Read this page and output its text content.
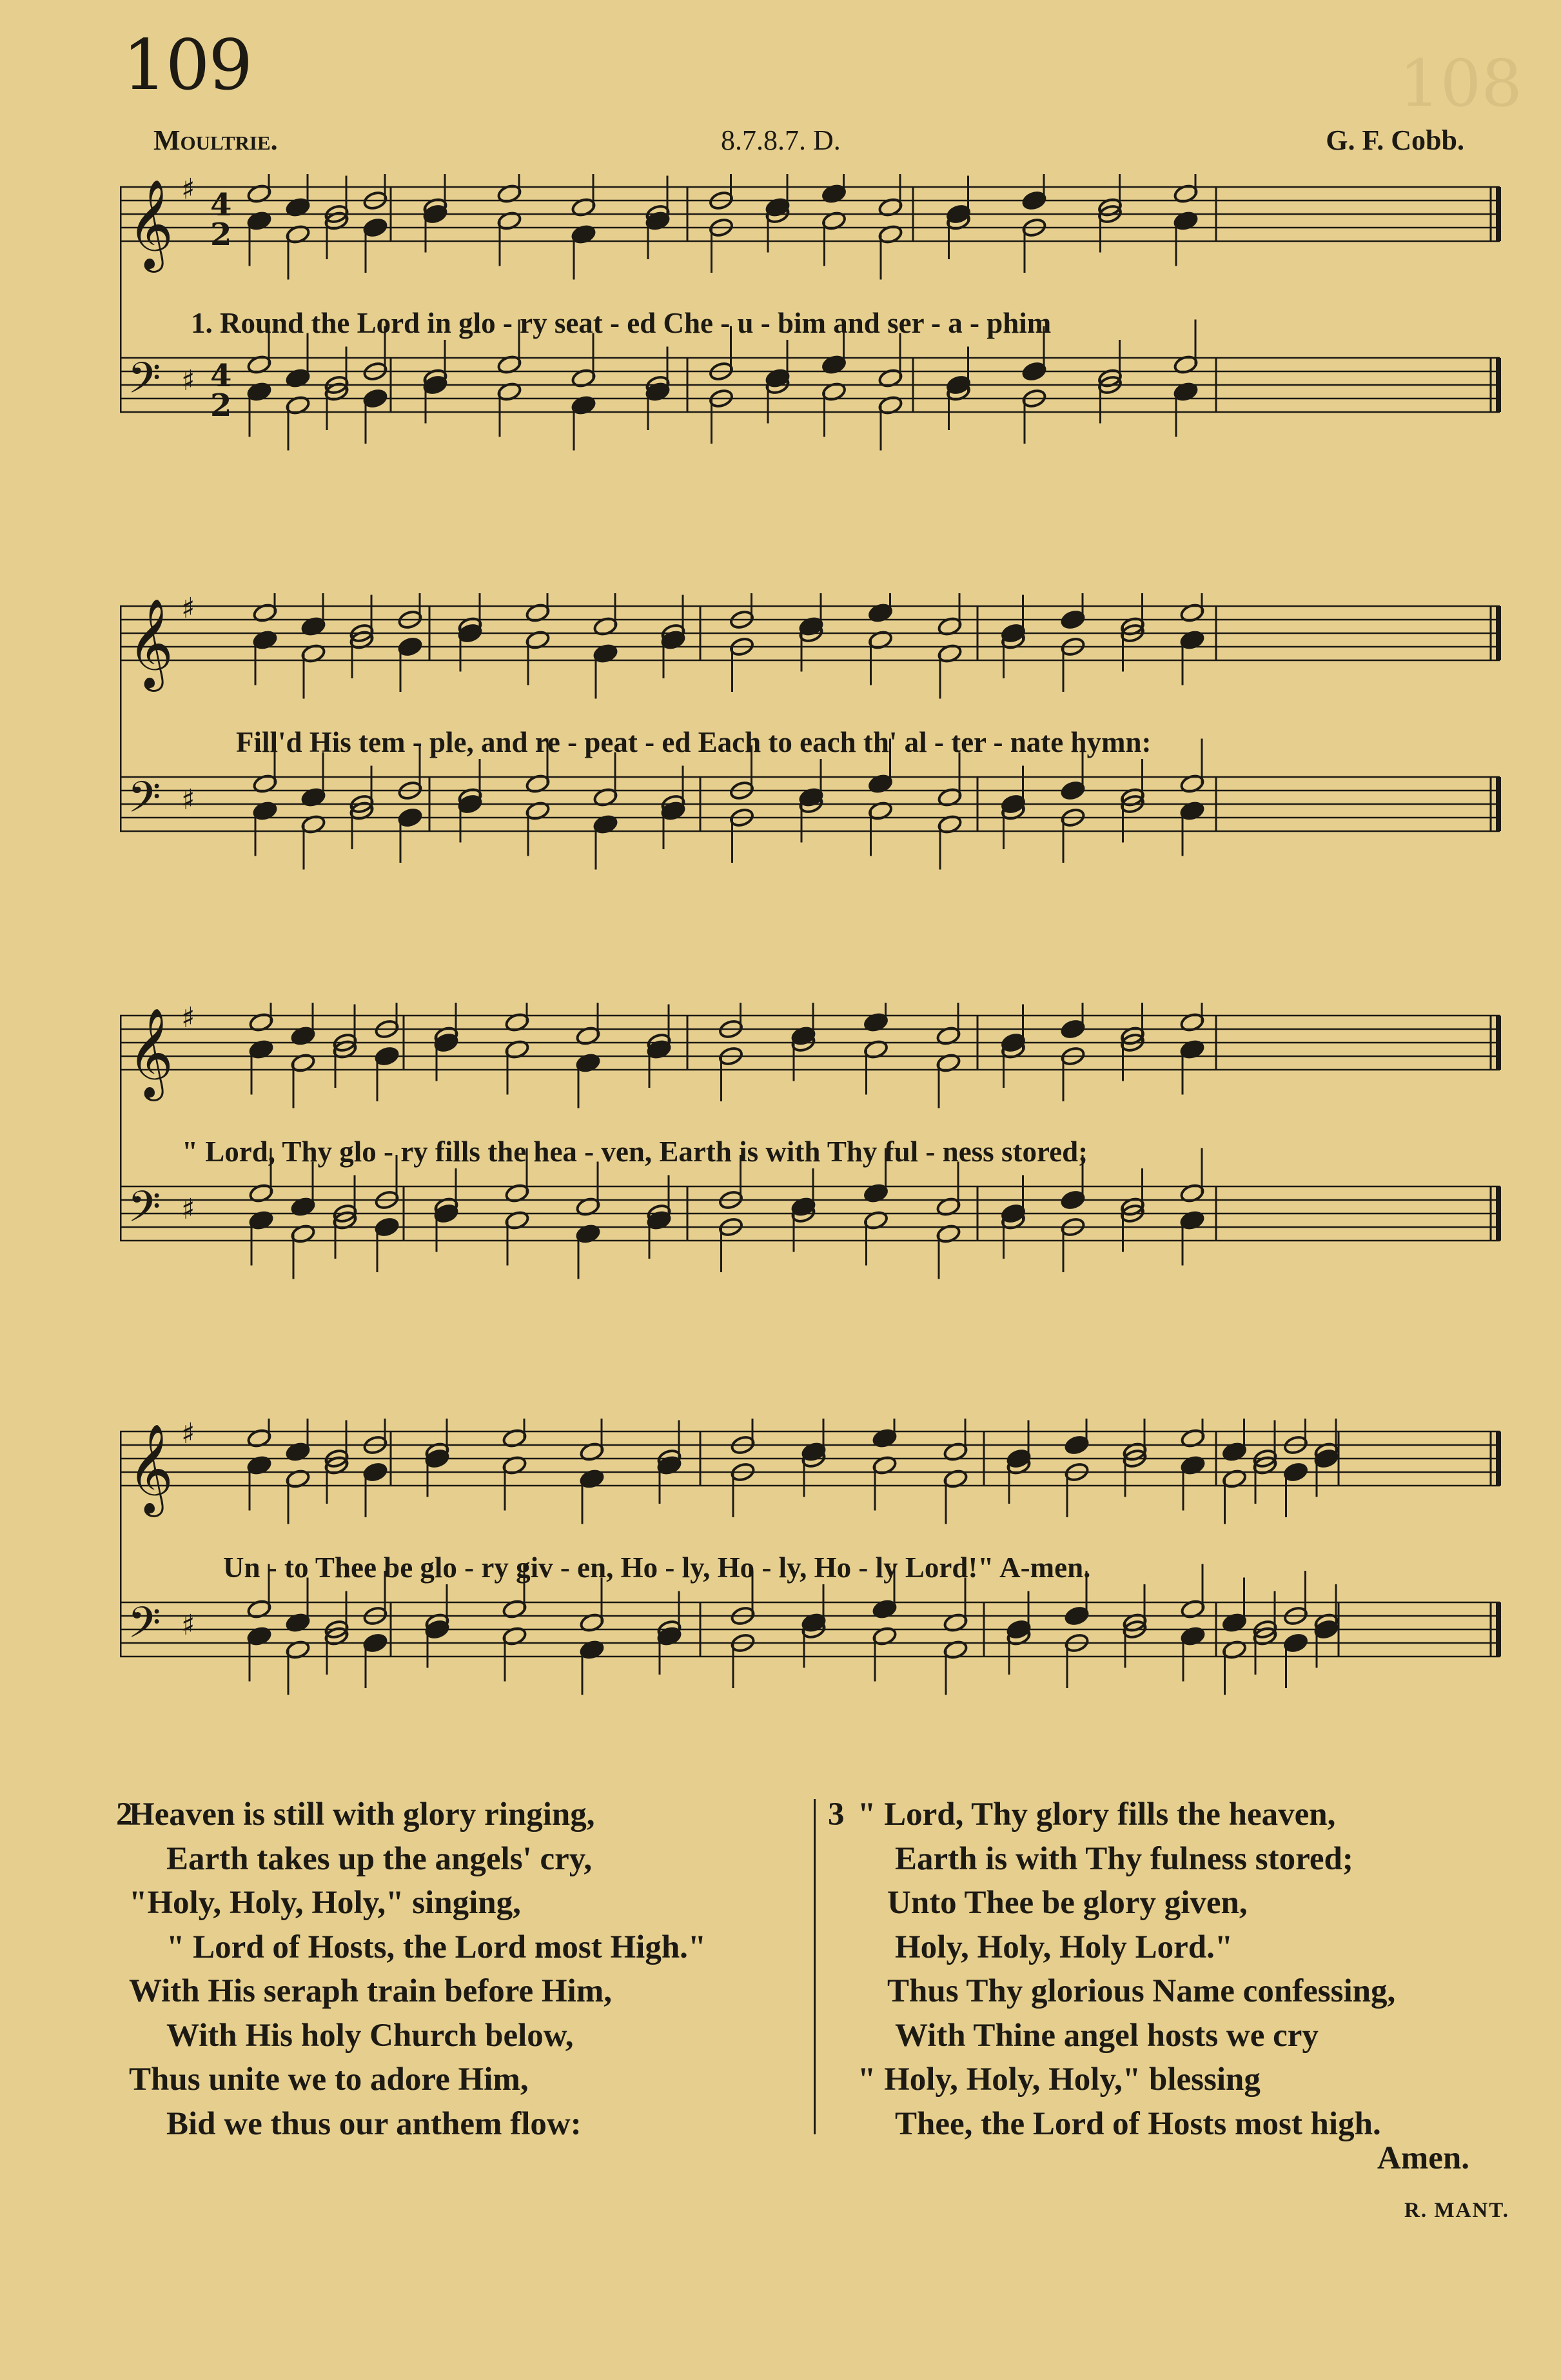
109	108
Moultrie.	8.7.8.7. D.	G. F. Cobb.
𝄞 ♯ 4
2
𝄢 ♯ 4
2
1. Round the Lord in glo - ry seat - ed Che - u - bim and ser - a - phim
𝄞 ♯
𝄢 ♯
Fill'd His tem - ple, and re - peat - ed Each to each th' al - ter - nate hymn:
𝄞 ♯
𝄢 ♯
" Lord, Thy glo - ry fills the hea - ven, Earth is with Thy ful - ness stored;
𝄞 ♯
𝄢 ♯
Un - to Thee be glo - ry giv - en, Ho - ly, Ho - ly, Ho - ly Lord!" A-men.
2
Heaven is still with glory ringing,
Earth takes up the angels' cry,
"Holy, Holy, Holy," singing,
" Lord of Hosts, the Lord most High."
With His seraph train before Him,
With His holy Church below,
Thus unite we to adore Him,
Bid we thus our anthem flow:
3 " Lord, Thy glory fills the heaven,
Earth is with Thy fulness stored;
Unto Thee be glory given,
Holy, Holy, Holy Lord."
Thus Thy glorious Name confessing,
With Thine angel hosts we cry
" Holy, Holy, Holy," blessing
Thee, the Lord of Hosts most high.
Amen.
R. MANT.
